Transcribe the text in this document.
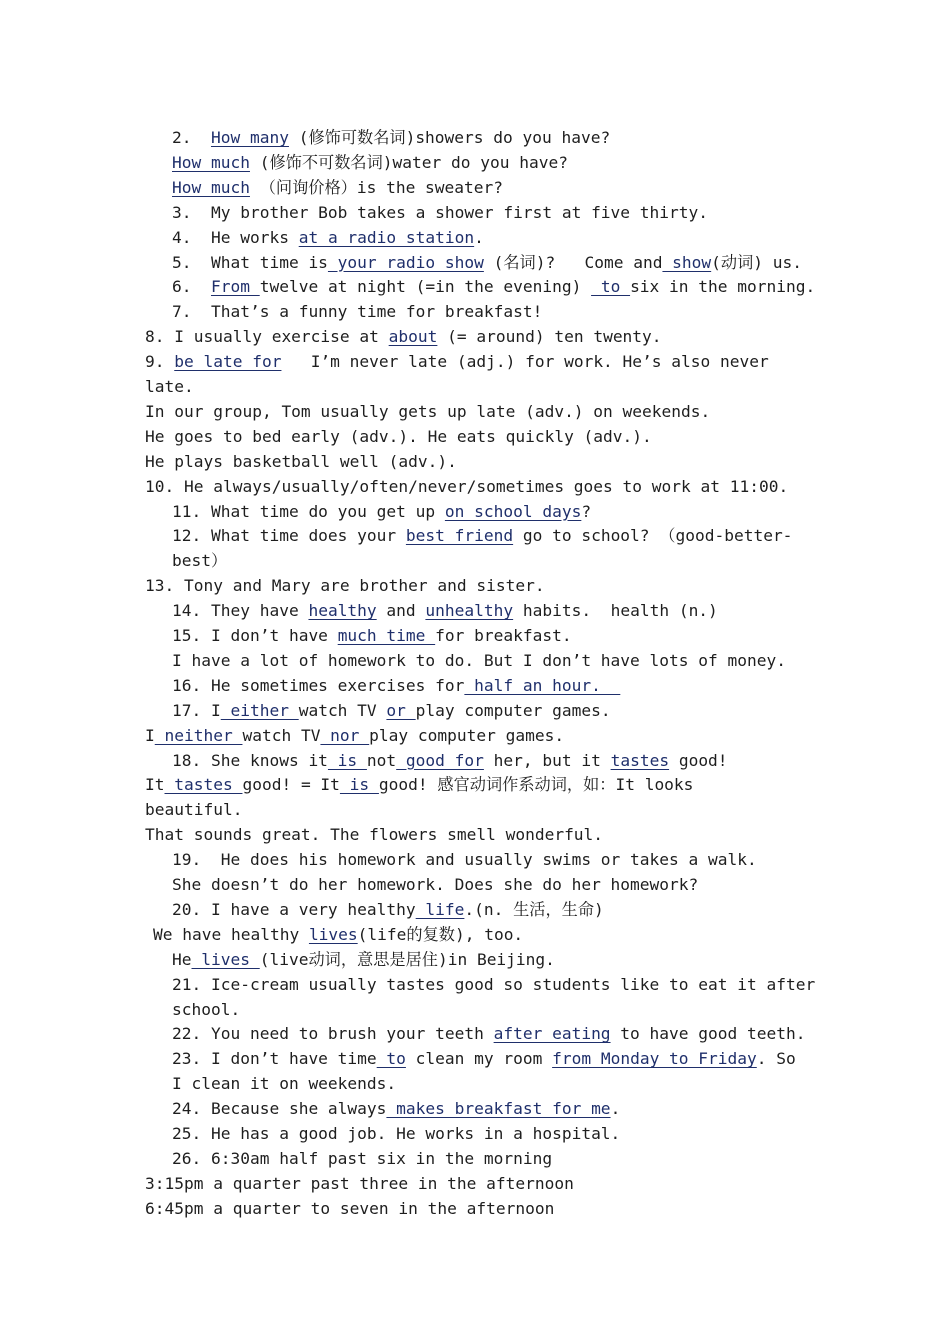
2.  How many (修饰可数名词)showers do you have?
How much (修饰不可数名词)water do you have?
How much （问询价格）is the sweater?
3.  My brother Bob takes a shower first at five thirty.
4.  He works at a radio station.
5.  What time is your radio show (名词)?   Come and show(动词) us.
6.  From twelve at night (=in the evening)  to six in the morning.
7.  That’s a funny time for breakfast!
8. I usually exercise at about (= around) ten twenty.
9. be late for   I’m never late (adj.) for work. He’s also never
late.
In our group, Tom usually gets up late (adv.) on weekends.
He goes to bed early (adv.). He eats quickly (adv.).
He plays basketball well (adv.).
10. He always/usually/often/never/sometimes goes to work at 11:00.
11. What time do you get up on school days?
12. What time does your best friend go to school? （good-better-
best）
13. Tony and Mary are brother and sister.
14. They have healthy and unhealthy habits.  health (n.)
15. I don’t have much time for breakfast.
I have a lot of homework to do. But I don’t have lots of money.
16. He sometimes exercises for half an hour.
17. I either watch TV or play computer games.
I neither watch TV nor play computer games.
18. She knows it is not good for her, but it tastes good!
It tastes good! = It is good! 感官动词作系动词，如：It looks
beautiful.
That sounds great. The flowers smell wonderful.
19.  He does his homework and usually swims or takes a walk.
She doesn’t do her homework. Does she do her homework?
20. I have a very healthy life.(n. 生活，生命)
We have healthy lives(life的复数), too.
He lives (live动词，意思是居住)in Beijing.
21. Ice-cream usually tastes good so students like to eat it after
school.
22. You need to brush your teeth after eating to have good teeth.
23. I don’t have time to clean my room from Monday to Friday. So
I clean it on weekends.
24. Because she always makes breakfast for me.
25. He has a good job. He works in a hospital.
26. 6:30am half past six in the morning
3:15pm a quarter past three in the afternoon
6:45pm a quarter to seven in the afternoon
